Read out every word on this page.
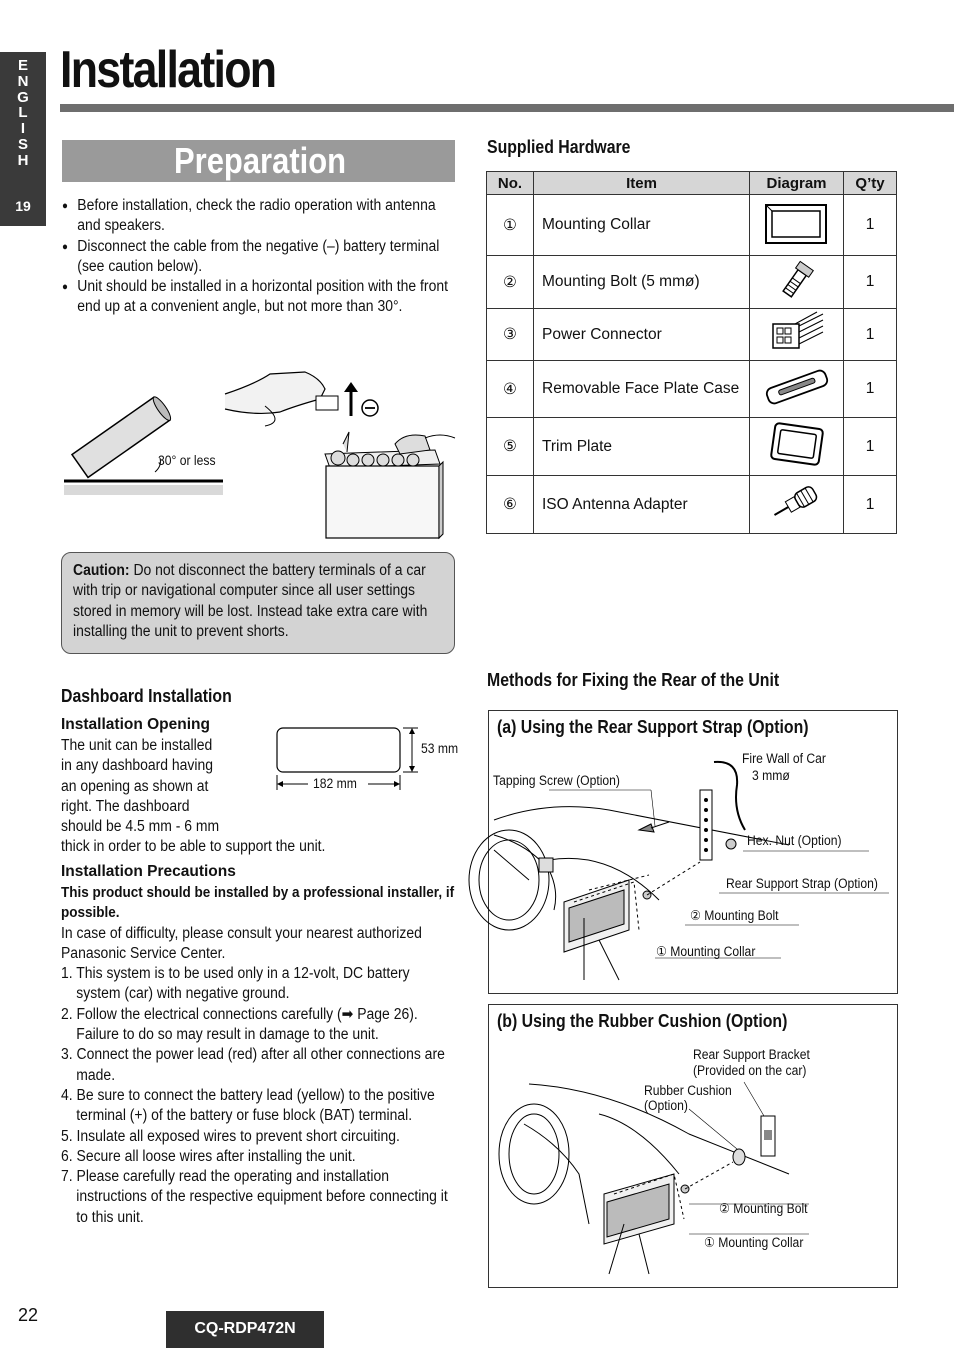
E
N
G
L
I
S
H
19
Installation
Preparation
● Before installation, check the radio operation with antenna and speakers.
● Disconnect the cable from the negative (–) battery terminal (see caution below).
● Unit should be installed in a horizontal position with the front end up at a convenient angle, but not more than 30°.
30° or less
Caution: Do not disconnect the battery terminals of a car with trip or navigational computer since all user settings stored in memory will be lost. Instead take extra care with installing the unit to prevent shorts.
Supplied Hardware
No.	Item	Diagram	Q’ty
①	Mounting Collar		1
②	Mounting Bolt (5 mmø)		1
③	Power Connector		1
④	Removable Face Plate Case		1
⑤	Trim Plate		1
⑥	ISO Antenna Adapter		1
Dashboard Installation
Installation Opening
The unit can be installed
in any dashboard having
an opening as shown at
right. The dashboard
should be 4.5 mm - 6 mm
thick in order to be able to support the unit.
53 mm
182 mm
Installation Precautions
This product should be installed by a professional installer, if possible.
In case of difficulty, please consult your nearest authorized Panasonic Service Center.
1. This system is to be used only in a 12-volt, DC battery system (car) with negative ground.
2. Follow the electrical connections carefully (➡ Page 26). Failure to do so may result in damage to the unit.
3. Connect the power lead (red) after all other connections are made.
4. Be sure to connect the battery lead (yellow) to the positive terminal (+) of the battery or fuse block (BAT) terminal.
5. Insulate all exposed wires to prevent short circuiting.
6. Secure all loose wires after installing the unit.
7. Please carefully read the operating and installation instructions of the respective equipment before connecting it to this unit.
Methods for Fixing the Rear of the Unit
(a) Using the Rear Support Strap (Option)
Fire Wall of Car
3 mmø
Tapping Screw (Option)
Hex. Nut (Option)
Rear Support Strap (Option)
② Mounting Bolt
① Mounting Collar
(b) Using the Rubber Cushion (Option)
Rear Support Bracket
(Provided on the car)
Rubber Cushion
(Option)
② Mounting Bolt
① Mounting Collar
22
CQ-RDP472N
